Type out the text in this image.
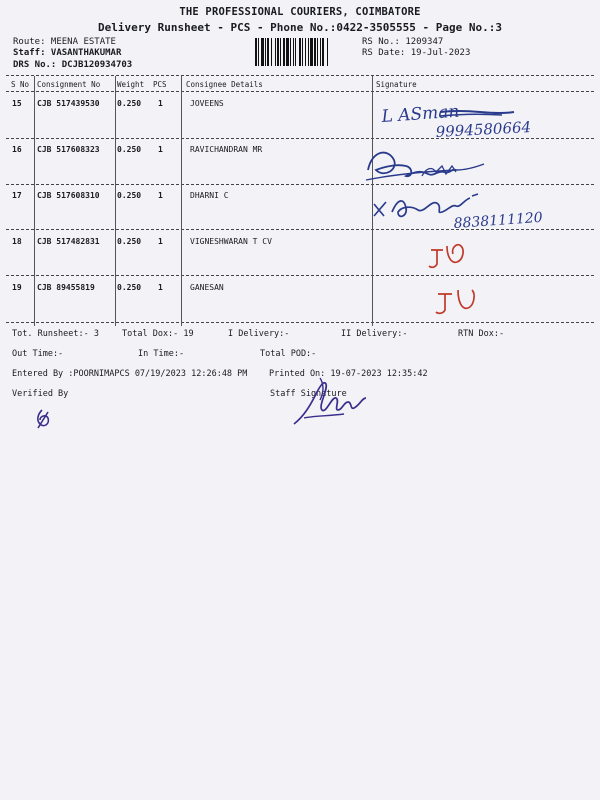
THE PROFESSIONAL COURIERS, COIMBATORE
Delivery Runsheet - PCS - Phone No.:0422-3505555 - Page No.:3
Route: MEENA ESTATE
Staff: VASANTHAKUMAR
DRS No.: DCJB120934703
RS No.: 1209347
RS Date: 19-Jul-2023
S No Consignment No Weight PCS	Consignee Details	Signature
15 CJB 517439530 0.250 1	JOVEENS
16 CJB 517608323 0.250 1	RAVICHANDRAN MR
17 CJB 517608310 0.250 1	DHARNI C
18 CJB 517482831 0.250 1	VIGNESHWARAN T CV
19 CJB 89455819	0.250 1	GANESAN
L ASman
9994580664
8838111120
Tot. Runsheet:- 3	Total Dox:- 19	I Delivery:-	II Delivery:-	RTN Dox:-
Out Time:-	In Time:-	Total POD:-
Entered By :POORNIMAPCS 07/19/2023 12:26:48 PM	Printed On: 19-07-2023 12:35:42
Verified By	Staff Signature
